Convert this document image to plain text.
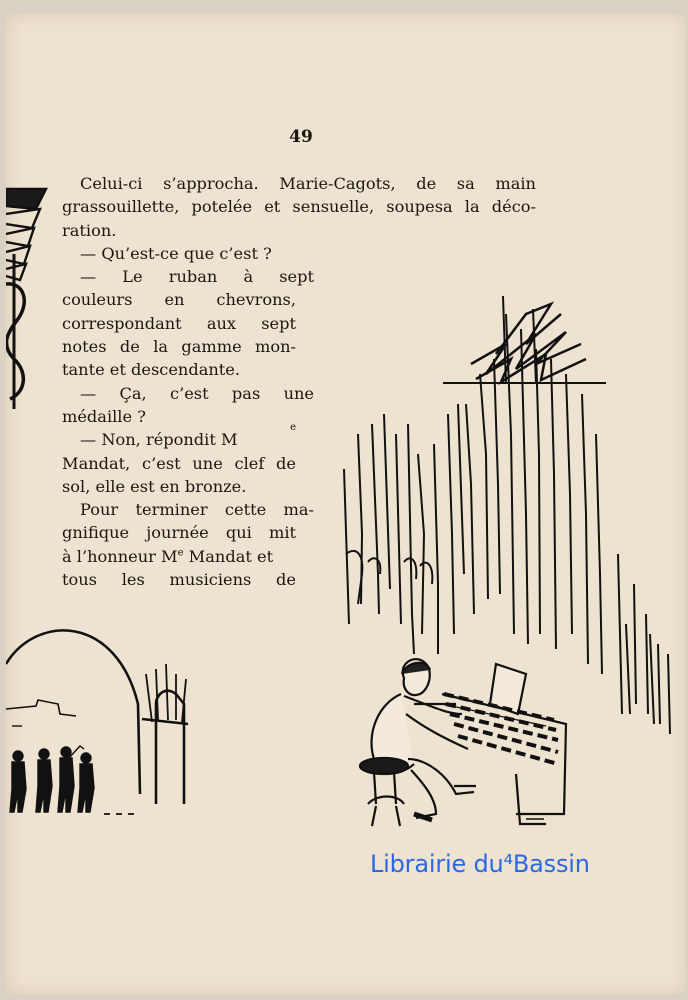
49
Celui-ci s’approcha. Marie-Cagots, de sa main
grassouillette, potelée et sensuelle, soupesa la déco-
ration.
— Qu’est-ce que c’est ?
— Le ruban à sept
couleurs en chevrons,
correspondant aux sept
notes de la gamme mon-
tante et descendante.
— Ça, c’est pas une
médaille ?
— Non, répondit M
e
Mandat, c’est une clef de
sol, elle est en bronze.
Pour terminer cette ma-
gnifique journée qui mit
à l’honneur Me Mandat et
tous les musiciens de
Librairie du⁴Bassin
